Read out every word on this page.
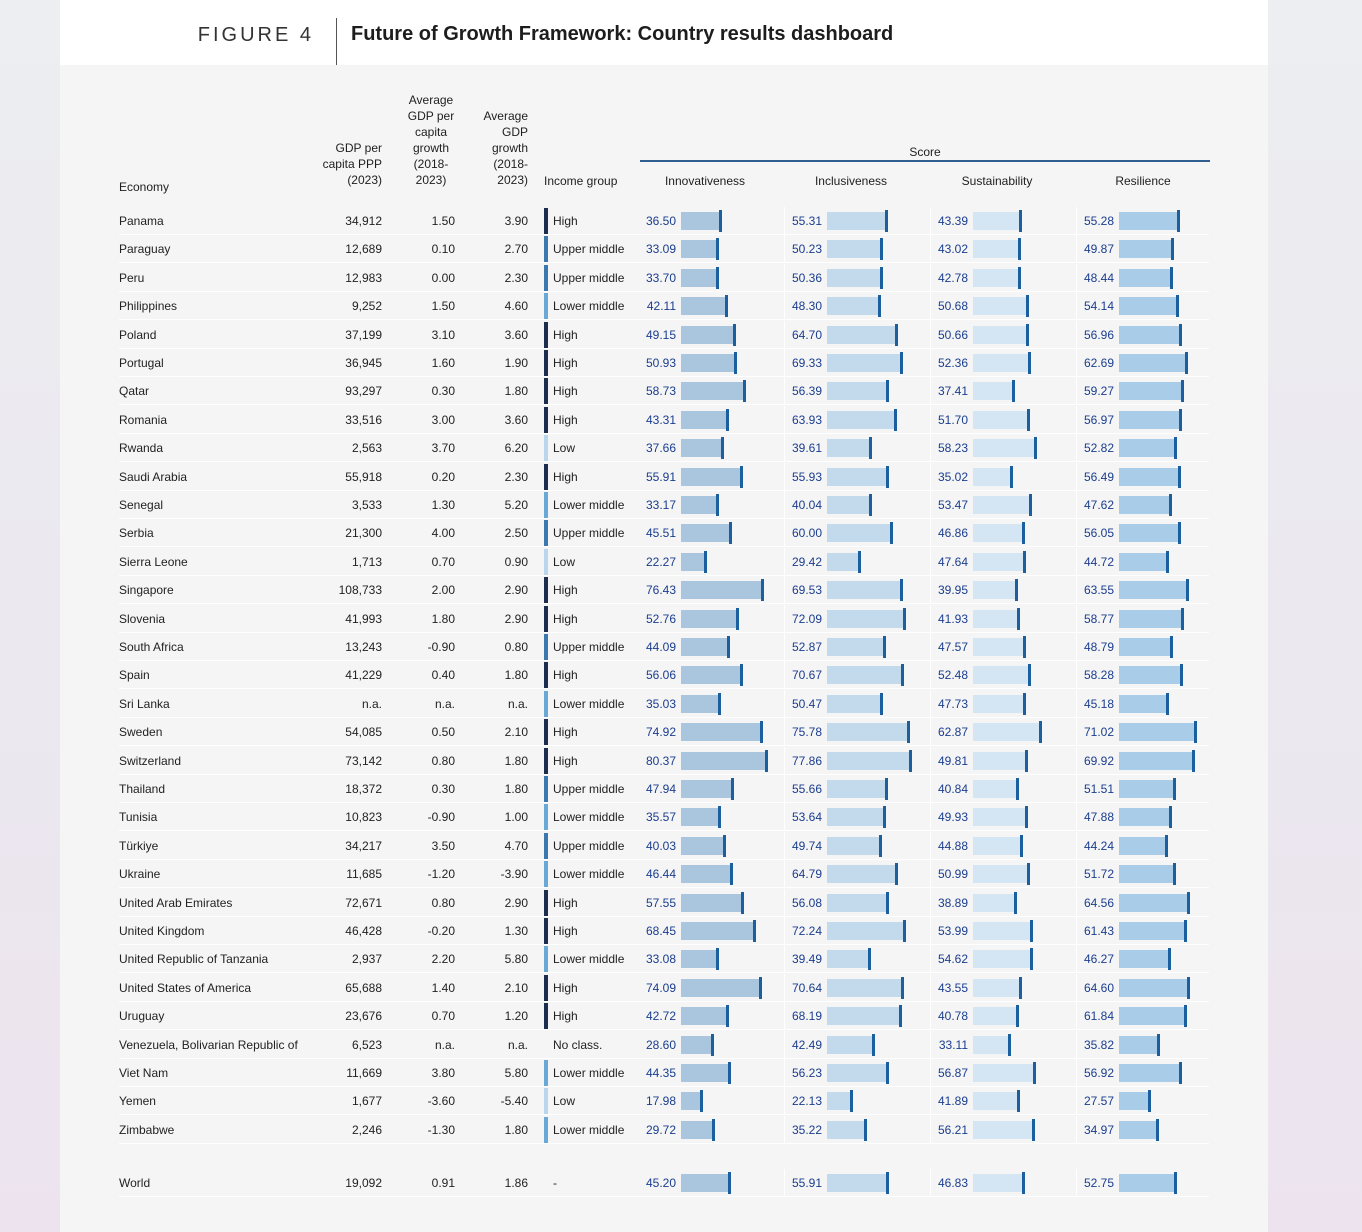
FIGURE 4 Future of Growth Framework: Country results dashboard
Economy
GDP per
capita PPP
(2023)
Average
GDP per
capita
growth
(2018-
2023)
Average
GDP
growth
(2018-
2023) Income group
Score
Innovativeness	Inclusiveness	Sustainability	Resilience
Panama	34,912	1.50	3.90 High	36.50	55.31	43.39	55.28
Paraguay	12,689	0.10	2.70 Upper middle	33.09	50.23	43.02	49.87
Peru	12,983	0.00	2.30 Upper middle	33.70	50.36	42.78	48.44
Philippines	9,252	1.50	4.60 Lower middle	42.11	48.30	50.68	54.14
Poland	37,199	3.10	3.60 High	49.15	64.70	50.66	56.96
Portugal	36,945	1.60	1.90 High	50.93	69.33	52.36	62.69
Qatar	93,297	0.30	1.80 High	58.73	56.39	37.41	59.27
Romania	33,516	3.00	3.60 High	43.31	63.93	51.70	56.97
Rwanda	2,563	3.70	6.20 Low	37.66	39.61	58.23	52.82
Saudi Arabia	55,918	0.20	2.30 High	55.91	55.93	35.02	56.49
Senegal	3,533	1.30	5.20 Lower middle	33.17	40.04	53.47	47.62
Serbia	21,300	4.00	2.50 Upper middle	45.51	60.00	46.86	56.05
Sierra Leone	1,713	0.70	0.90 Low	22.27	29.42	47.64	44.72
Singapore	108,733	2.00	2.90 High	76.43	69.53	39.95	63.55
Slovenia	41,993	1.80	2.90 High	52.76	72.09	41.93	58.77
South Africa	13,243	-0.90	0.80 Upper middle	44.09	52.87	47.57	48.79
Spain	41,229	0.40	1.80 High	56.06	70.67	52.48	58.28
Sri Lanka	n.a.	n.a.	n.a. Lower middle	35.03	50.47	47.73	45.18
Sweden	54,085	0.50	2.10 High	74.92	75.78	62.87	71.02
Switzerland	73,142	0.80	1.80 High	80.37	77.86	49.81	69.92
Thailand	18,372	0.30	1.80 Upper middle	47.94	55.66	40.84	51.51
Tunisia	10,823	-0.90	1.00 Lower middle	35.57	53.64	49.93	47.88
Türkiye	34,217	3.50	4.70 Upper middle	40.03	49.74	44.88	44.24
Ukraine	11,685	-1.20	-3.90 Lower middle	46.44	64.79	50.99	51.72
United Arab Emirates	72,671	0.80	2.90 High	57.55	56.08	38.89	64.56
United Kingdom	46,428	-0.20	1.30 High	68.45	72.24	53.99	61.43
United Republic of Tanzania	2,937	2.20	5.80 Lower middle	33.08	39.49	54.62	46.27
United States of America	65,688	1.40	2.10 High	74.09	70.64	43.55	64.60
Uruguay	23,676	0.70	1.20 High	42.72	68.19	40.78	61.84
Venezuela, Bolivarian Republic of	6,523	n.a.	n.a. No class.	28.60	42.49	33.11	35.82
Viet Nam	11,669	3.80	5.80 Lower middle	44.35	56.23	56.87	56.92
Yemen	1,677	-3.60	-5.40 Low	17.98	22.13	41.89	27.57
Zimbabwe	2,246	-1.30	1.80 Lower middle	29.72	35.22	56.21	34.97
World	19,092	0.91	1.86 -	45.20	55.91	46.83	52.75
